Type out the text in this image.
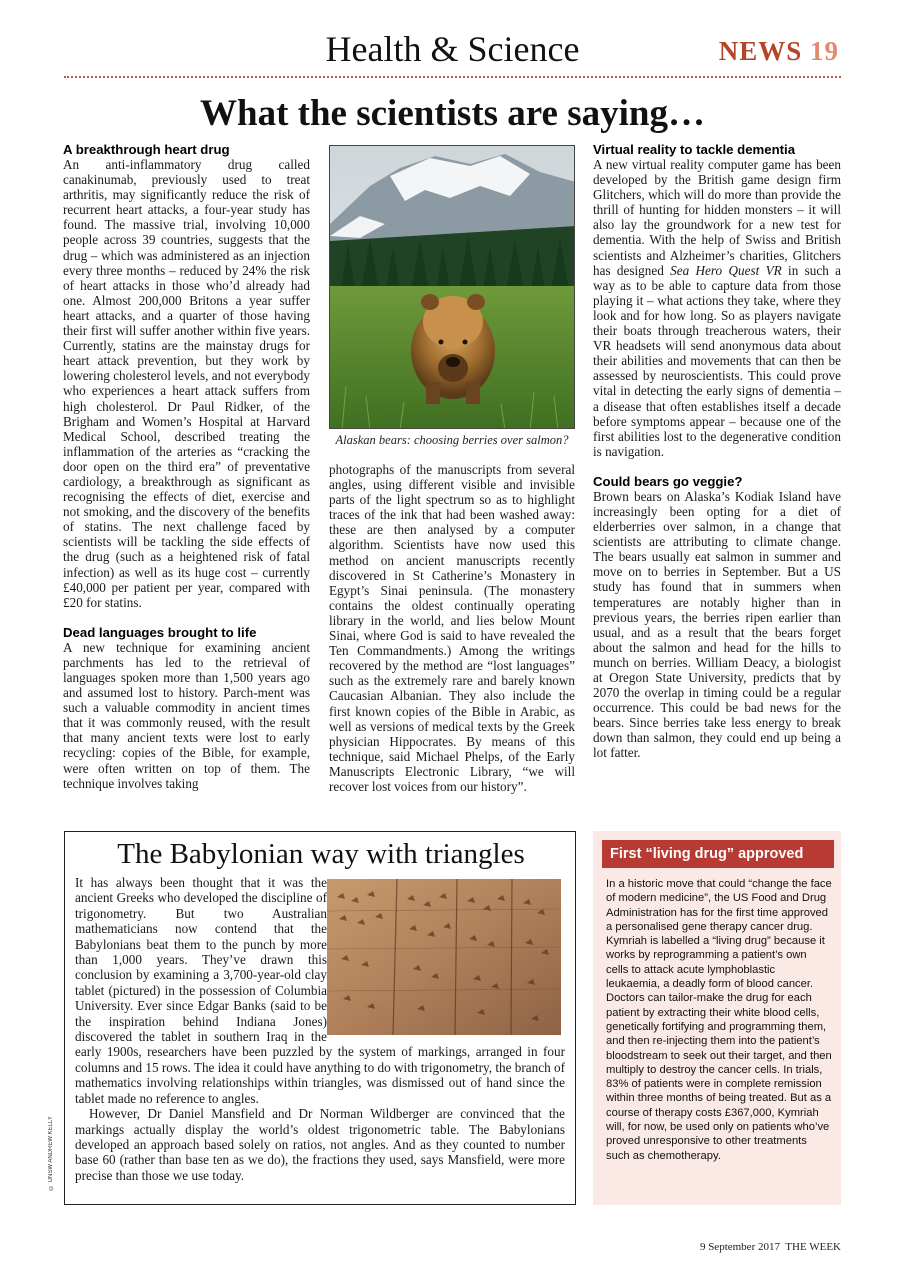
Health & Science	NEWS 19
What the scientists are saying…
A breakthrough heart drug

An anti-inflammatory drug called canakinumab, previously used to treat arthritis, may significantly reduce the risk of recurrent heart attacks, a four-year study has found. The massive trial, involving 10,000 people across 39 countries, suggests that the drug – which was administered as an injection every three months – reduced by 24% the risk of heart attacks in those who’d already had one. Almost 200,000 Britons a year suffer heart attacks, and a quarter of those having their first will suffer another within five years. Currently, statins are the mainstay drugs for heart attack prevention, but they work by lowering cholesterol levels, and not everybody who experiences a heart attack suffers from high cholesterol. Dr Paul Ridker, of the Brigham and Women’s Hospital at Harvard Medical School, described treating the inflammation of the arteries as “cracking the door open on the third era” of preventative cardiology, a breakthrough as significant as recognising the effects of diet, exercise and not smoking, and the discovery of the benefits of statins. The next challenge faced by scientists will be tackling the side effects of the drug (such as a heightened risk of fatal infection) as well as its huge cost – currently £40,000 per patient per year, compared with £20 for statins.

Dead languages brought to life

A new technique for examining ancient parchments has led to the retrieval of languages spoken more than 1,500 years ago and assumed lost to history. Parch-ment was such a valuable commodity in ancient times that it was commonly reused, with the result that many ancient texts were lost to early recycling: copies of the Bible, for example, were often written on top of them. The technique involves taking

Alaskan bears: choosing berries over salmon?

photographs of the manuscripts from several angles, using different visible and invisible parts of the light spectrum so as to highlight traces of the ink that had been washed away: these are then analysed by a computer algorithm. Scientists have now used this method on ancient manuscripts recently discovered in St Catherine’s Monastery in Egypt’s Sinai peninsula. (The monastery contains the oldest continually operating library in the world, and lies below Mount Sinai, where God is said to have revealed the Ten Commandments.) Among the writings recovered by the method are “lost languages” such as the extremely rare and barely known Caucasian Albanian. They also include the first known copies of the Bible in Arabic, as well as versions of medical texts by the Greek physician Hippocrates. By means of this technique, said Michael Phelps, of the Early Manuscripts Electronic Library, “we will recover lost voices from our history”.

Virtual reality to tackle dementia

A new virtual reality computer game has been developed by the British game design firm Glitchers, which will do more than provide the thrill of hunting for hidden monsters – it will also lay the groundwork for a new test for dementia. With the help of Swiss and British scientists and Alzheimer’s charities, Glitchers has designed Sea Hero Quest VR in such a way as to be able to capture data from those playing it – what actions they take, where they look and for how long. So as players navigate their boats through treacherous waters, their VR headsets will send anonymous data about their abilities and movements that can then be assessed by neuroscientists. This could prove vital in detecting the early signs of dementia – a disease that often establishes itself a decade before symptoms appear – because one of the first abilities lost to the degenerative condition is navigation.

Could bears go veggie?

Brown bears on Alaska’s Kodiak Island have increasingly been opting for a diet of elderberries over salmon, in a change that scientists are attributing to climate change. The bears usually eat salmon in summer and move on to berries in September. But a US study has found that in summers when temperatures are notably higher than in previous years, the berries ripen earlier than usual, and as a result that the bears forget about the salmon and head for the hills to munch on berries. William Deacy, a biologist at Oregon State University, predicts that by 2070 the overlap in timing could be a regular occurrence. This could be bad news for the bears. Since berries take less energy to break down than salmon, they could end up being a lot fatter.

The Babylonian way with triangles

It has always been thought that it was the ancient Greeks who developed the discipline of trigonometry. But two Australian mathematicians now contend that the Babylonians beat them to the punch by more than 1,000 years. They’ve drawn this conclusion by examining a 3,700-year-old clay tablet (pictured) in the possession of Columbia University. Ever since Edgar Banks (said to be the inspiration behind Indiana Jones) discovered the tablet in southern Iraq in the early 1900s, researchers have been puzzled by the system of markings, arranged in four columns and 15 rows. The idea it could have anything to do with trigonometry, the branch of mathematics involving relationships within triangles, was dismissed out of hand since the tablet made no reference to angles.

However, Dr Daniel Mansfield and Dr Norman Wildberger are convinced that the markings actually display the world’s oldest trigonometric table. The Babylonians developed an approach based solely on ratios, not angles. And as they counted to number base 60 (rather than base ten as we do), the fractions they used, says Mansfield, were more precise than those we use today.

© UNSW ANDREW KELLY
First “living drug” approved
In a historic move that could “change the face of modern medicine”, the US Food and Drug Administration has for the first time approved a personalised gene therapy cancer drug. Kymriah is labelled a “living drug” because it works by reprogramming a patient’s own cells to attack acute lymphoblastic leukaemia, a deadly form of blood cancer. Doctors can tailor-make the drug for each patient by extracting their white blood cells, genetically fortifying and programming them, and then re-injecting them into the patient’s bloodstream to seek out their target, and then multiply to destroy the cancer cells. In trials, 83% of patients were in complete remission within three months of being treated. But as a course of therapy costs £367,000, Kymriah will, for now, be used only on patients who’ve proved unresponsive to other treatments such as chemotherapy.
9 September 2017 THE WEEK
